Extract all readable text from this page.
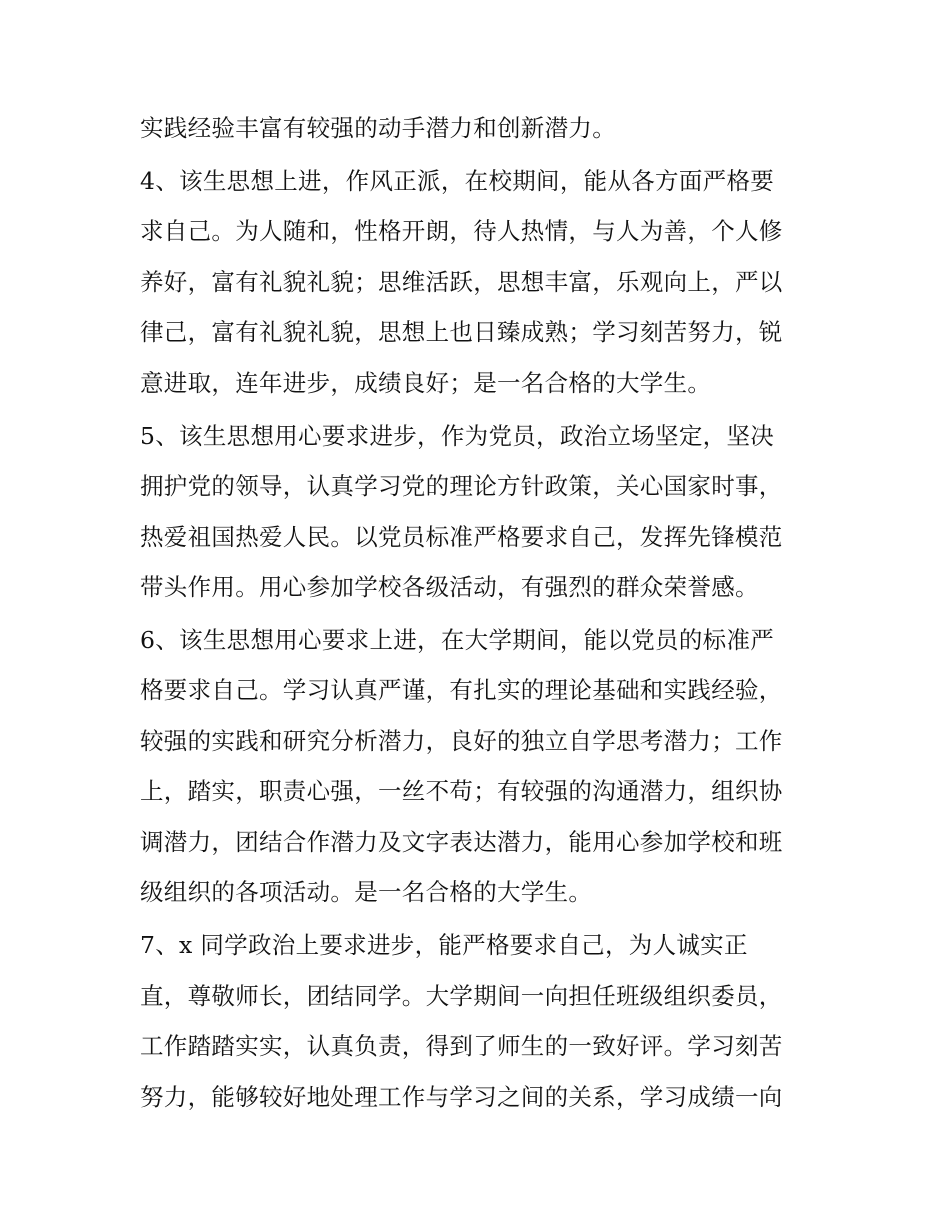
实践经验丰富有较强的动手潜力和创新潜力。
4、该生思想上进，作风正派，在校期间，能从各方面严格要
求自己。为人随和，性格开朗，待人热情，与人为善，个人修
养好，富有礼貌礼貌；思维活跃，思想丰富，乐观向上，严以
律己，富有礼貌礼貌，思想上也日臻成熟；学习刻苦努力，锐
意进取，连年进步，成绩良好；是一名合格的大学生。
5、该生思想用心要求进步，作为党员，政治立场坚定，坚决
拥护党的领导，认真学习党的理论方针政策，关心国家时事，
热爱祖国热爱人民。以党员标准严格要求自己，发挥先锋模范
带头作用。用心参加学校各级活动，有强烈的群众荣誉感。
6、该生思想用心要求上进，在大学期间，能以党员的标准严
格要求自己。学习认真严谨，有扎实的理论基础和实践经验，
较强的实践和研究分析潜力，良好的独立自学思考潜力；工作
上，踏实，职责心强，一丝不苟；有较强的沟通潜力，组织协
调潜力，团结合作潜力及文字表达潜力，能用心参加学校和班
级组织的各项活动。是一名合格的大学生。
7、x 同学政治上要求进步，能严格要求自己，为人诚实正
直，尊敬师长，团结同学。大学期间一向担任班级组织委员，
工作踏踏实实，认真负责，得到了师生的一致好评。学习刻苦
努力，能够较好地处理工作与学习之间的关系，学习成绩一向
